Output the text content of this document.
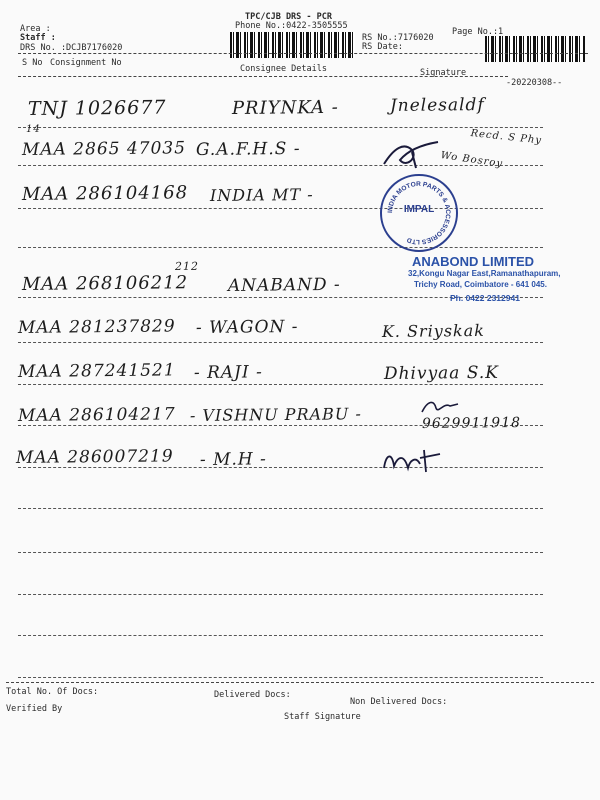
Area :
Staff :
DRS No. :DCJB7176020
TPC/CJB DRS - PCR
Phone No.:0422-3505555
RS No.:7176020
RS Date:
Page No.:1
S No Consignment No
Consignee Details	Signature
-20220308--
TNJ 1026677	PRIYNKA -	Jnelesaldf
Recd. S Phy
14
MAA 2865 47035 G.A.F.H.S -	Wo Bosroy
MAA 286104168 INDIA MT -
212
MAA 268106212 ANABAND -
MAA 281237829 - WAGON -	K. Sriyskak
MAA 287241521 - RAJI -	Dhivyaa S.K
MAA 286104217 - VISHNU PRABU -	9629911918
MAA 286007219 - M.H -
INDIA MOTOR PARTS & ACCESSORIES LTD
IMPAL
ANABOND LIMITED
32,Kongu Nagar East,Ramanathapuram,
Trichy Road, Coimbatore - 641 045.
Ph. 0422 2312941
Total No. Of Docs:	Delivered Docs:
Non Delivered Docs:
Verified By
Staff Signature
